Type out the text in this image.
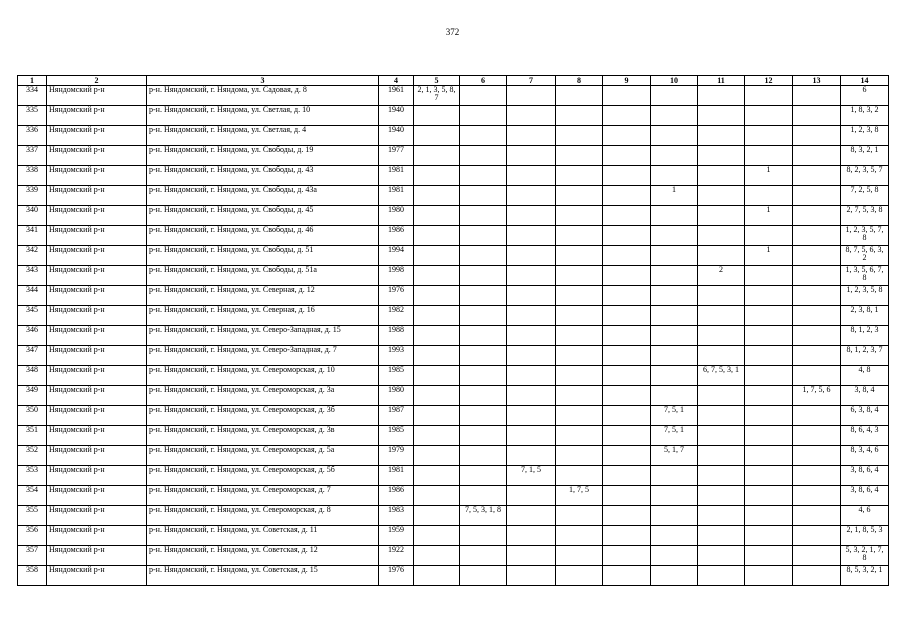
372
1	2	3	4	5	6	7	8	9	10	11	12	13	14
334	Няндомский р-н	р-н. Няндомский, г. Няндома, ул. Садовая, д. 8	1961	2, 1, 3, 5, 8, 7									6
335	Няндомский р-н	р-н. Няндомский, г. Няндома, ул. Светлая, д. 10	1940										1, 8, 3, 2
336	Няндомский р-н	р-н. Няндомский, г. Няндома, ул. Светлая, д. 4	1940										1, 2, 3, 8
337	Няндомский р-н	р-н. Няндомский, г. Няндома, ул. Свободы, д. 19	1977										8, 3, 2, 1
338	Няндомский р-н	р-н. Няндомский, г. Няндома, ул. Свободы, д. 43	1981								1		8, 2, 3, 5, 7
339	Няндомский р-н	р-н. Няндомский, г. Няндома, ул. Свободы, д. 43а	1981						1				7, 2, 5, 8
340	Няндомский р-н	р-н. Няндомский, г. Няндома, ул. Свободы, д. 45	1980								1		2, 7, 5, 3, 8
341	Няндомский р-н	р-н. Няндомский, г. Няндома, ул. Свободы, д. 46	1986										1, 2, 3, 5, 7, 8
342	Няндомский р-н	р-н. Няндомский, г. Няндома, ул. Свободы, д. 51	1994								1		8, 7, 5, 6, 3, 2
343	Няндомский р-н	р-н. Няндомский, г. Няндома, ул. Свободы, д. 51а	1998							2			1, 3, 5, 6, 7, 8
344	Няндомский р-н	р-н. Няндомский, г. Няндома, ул. Северная, д. 12	1976										1, 2, 3, 5, 8
345	Няндомский р-н	р-н. Няндомский, г. Няндома, ул. Северная, д. 16	1982										2, 3, 8, 1
346	Няндомский р-н	р-н. Няндомский, г. Няндома, ул. Северо-Западная, д. 15	1988										8, 1, 2, 3
347	Няндомский р-н	р-н. Няндомский, г. Няндома, ул. Северо-Западная, д. 7	1993										8, 1, 2, 3, 7
348	Няндомский р-н	р-н. Няндомский, г. Няндома, ул. Североморская, д. 10	1985							6, 7, 5, 3, 1			4, 8
349	Няндомский р-н	р-н. Няндомский, г. Няндома, ул. Североморская, д. 3а	1980									1, 7, 5, 6	3, 8, 4
350	Няндомский р-н	р-н. Няндомский, г. Няндома, ул. Североморская, д. 3б	1987						7, 5, 1				6, 3, 8, 4
351	Няндомский р-н	р-н. Няндомский, г. Няндома, ул. Североморская, д. 3в	1985						7, 5, 1				8, 6, 4, 3
352	Няндомский р-н	р-н. Няндомский, г. Няндома, ул. Североморская, д. 5а	1979						5, 1, 7				8, 3, 4, 6
353	Няндомский р-н	р-н. Няндомский, г. Няндома, ул. Североморская, д. 5б	1981			7, 1, 5							3, 8, 6, 4
354	Няндомский р-н	р-н. Няндомский, г. Няндома, ул. Североморская, д. 7	1986				1, 7, 5						3, 8, 6, 4
355	Няндомский р-н	р-н. Няндомский, г. Няндома, ул. Североморская, д. 8	1983		7, 5, 3, 1, 8								4, 6
356	Няндомский р-н	р-н. Няндомский, г. Няндома, ул. Советская, д. 11	1959										2, 1, 8, 5, 3
357	Няндомский р-н	р-н. Няндомский, г. Няндома, ул. Советская, д. 12	1922										5, 3, 2, 1, 7, 8
358	Няндомский р-н	р-н. Няндомский, г. Няндома, ул. Советская, д. 15	1976										8, 5, 3, 2, 1
